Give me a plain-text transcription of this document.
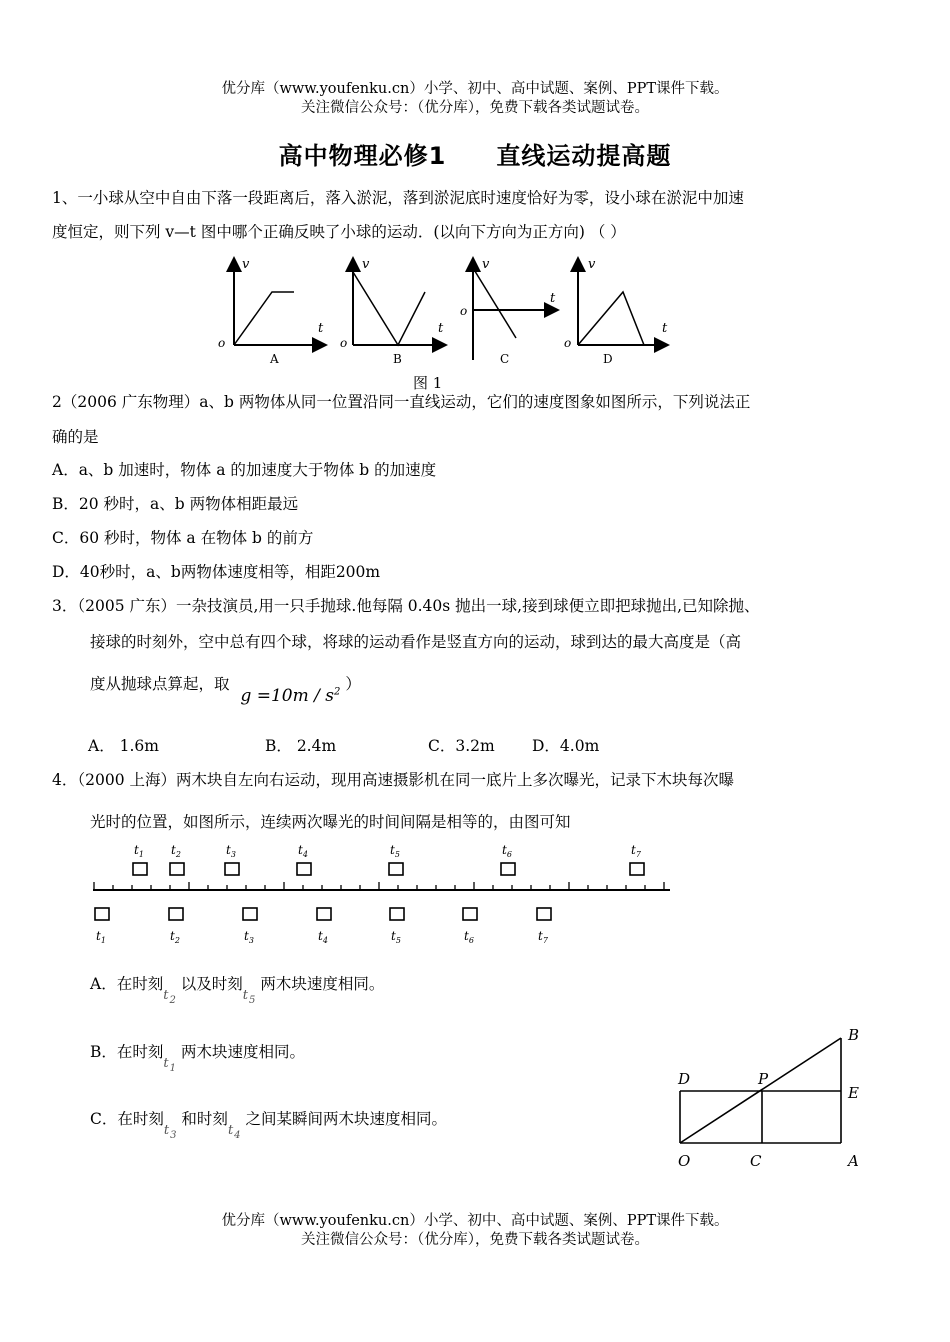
优分库（www.youfenku.cn）小学、初中、高中试题、案例、PPT课件下载。
关注微信公众号：（优分库），免费下载各类试题试卷。
高中物理必修1　　直线运动提高题
1、一小球从空中自由下落一段距离后，落入淤泥，落到淤泥底时速度恰好为零，设小球在淤泥中加速
度恒定，则下列 v—t 图中哪个正确反映了小球的运动．(以向下方向为正方向) （ ）
v
t
o
A
v
t
o
B
v
t
o
C
v
t
o
D
图 1
2（2006 广东物理）a、b 两物体从同一位置沿同一直线运动，它们的速度图象如图所示，下列说法正
确的是
A．a、b 加速时，物体 a 的加速度大于物体 b 的加速度
B．20 秒时，a、b 两物体相距最远
C．60 秒时，物体 a 在物体 b 的前方
D．40秒时，a、b两物体速度相等，相距200m
3．（2005 广东）一杂技演员,用一只手抛球.他每隔 0.40s 抛出一球,接到球便立即把球抛出,已知除抛、
接球的时刻外，空中总有四个球，将球的运动看作是竖直方向的运动，球到达的最大高度是（高
度从抛球点算起，取 $g =10m / s^2$ ）
A． 1.6m	B． 2.4m	C．3.2m D．4.0m
4．（2000 上海）两木块自左向右运动，现用高速摄影机在同一底片上多次曝光，记录下木块每次曝
光时的位置，如图所示，连续两次曝光的时间间隔是相等的，由图可知
$t_1$ $t_2$	$t_3$	$t_4$	$t_5$	$t_6$	$t_7$
$t_1$	$t_2$	$t_3$	$t_4$	$t_5$	$t_6$	$t_7$
A．在时刻$_{t_2}$ 以及时刻$_{t_5}$ 两木块速度相同。
B．在时刻$_{t_1}$ 两木块速度相同。
C．在时刻$_{t_3}$ 和时刻$_{t_4}$ 之间某瞬间两木块速度相同。
B
D	P
E
O	C	A
优分库（www.youfenku.cn）小学、初中、高中试题、案例、PPT课件下载。
关注微信公众号：（优分库），免费下载各类试题试卷。
